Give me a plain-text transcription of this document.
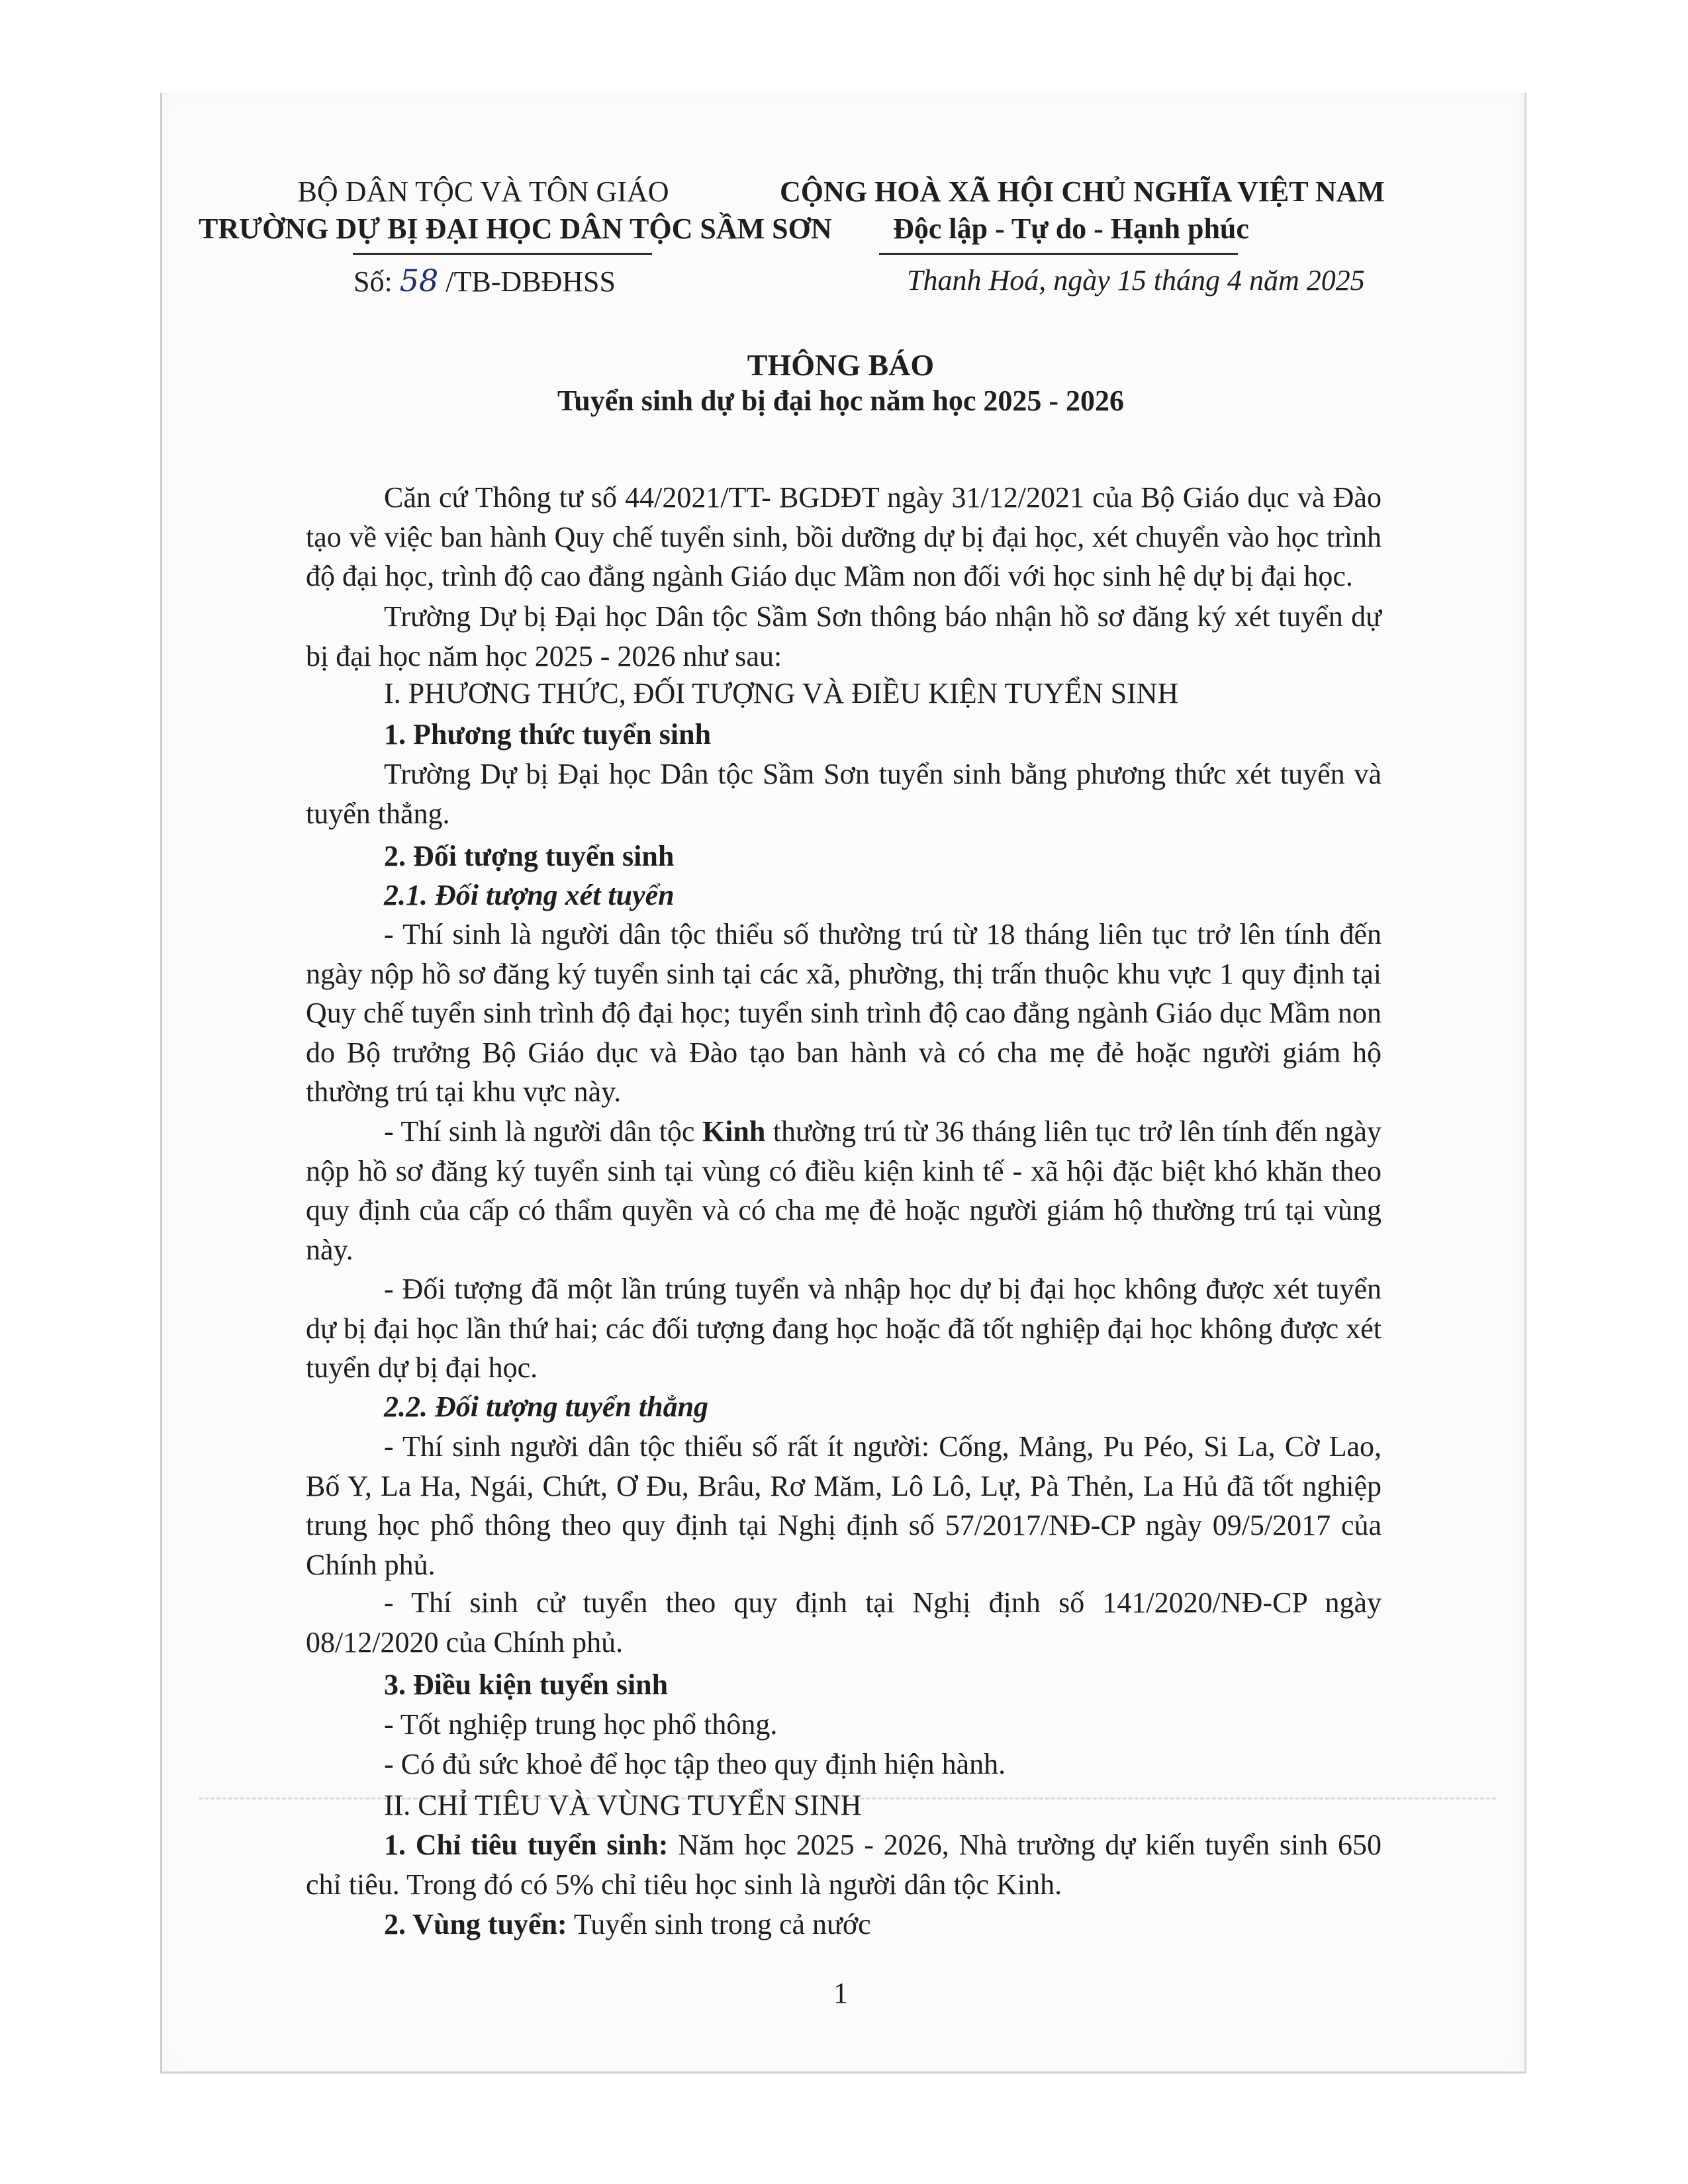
BỘ DÂN TỘC VÀ TÔN GIÁO
TRƯỜNG DỰ BỊ ĐẠI HỌC DÂN TỘC SẦM SƠN
Số: 58 /TB-DBĐHSS
CỘNG HOÀ XÃ HỘI CHỦ NGHĨA VIỆT NAM
Độc lập - Tự do - Hạnh phúc
Thanh Hoá, ngày 15 tháng 4 năm 2025
THÔNG BÁO
Tuyển sinh dự bị đại học năm học 2025 - 2026
Căn cứ Thông tư số 44/2021/TT- BGDĐT ngày 31/12/2021 của Bộ Giáo dục và Đào tạo về việc ban hành Quy chế tuyển sinh, bồi dưỡng dự bị đại học, xét chuyển vào học trình độ đại học, trình độ cao đẳng ngành Giáo dục Mầm non đối với học sinh hệ dự bị đại học.
Trường Dự bị Đại học Dân tộc Sầm Sơn thông báo nhận hồ sơ đăng ký xét tuyển dự bị đại học năm học 2025 - 2026 như sau:
I. PHƯƠNG THỨC, ĐỐI TƯỢNG VÀ ĐIỀU KIỆN TUYỂN SINH
1. Phương thức tuyển sinh
Trường Dự bị Đại học Dân tộc Sầm Sơn tuyển sinh bằng phương thức xét tuyển và tuyển thẳng.
2. Đối tượng tuyển sinh
2.1. Đối tượng xét tuyển
- Thí sinh là người dân tộc thiểu số thường trú từ 18 tháng liên tục trở lên tính đến ngày nộp hồ sơ đăng ký tuyển sinh tại các xã, phường, thị trấn thuộc khu vực 1 quy định tại Quy chế tuyển sinh trình độ đại học; tuyển sinh trình độ cao đẳng ngành Giáo dục Mầm non do Bộ trưởng Bộ Giáo dục và Đào tạo ban hành và có cha mẹ đẻ hoặc người giám hộ thường trú tại khu vực này.
- Thí sinh là người dân tộc Kinh thường trú từ 36 tháng liên tục trở lên tính đến ngày nộp hồ sơ đăng ký tuyển sinh tại vùng có điều kiện kinh tế - xã hội đặc biệt khó khăn theo quy định của cấp có thẩm quyền và có cha mẹ đẻ hoặc người giám hộ thường trú tại vùng này.
- Đối tượng đã một lần trúng tuyển và nhập học dự bị đại học không được xét tuyển dự bị đại học lần thứ hai; các đối tượng đang học hoặc đã tốt nghiệp đại học không được xét tuyển dự bị đại học.
2.2. Đối tượng tuyển thẳng
- Thí sinh người dân tộc thiểu số rất ít người: Cống, Mảng, Pu Péo, Si La, Cờ Lao, Bố Y, La Ha, Ngái, Chứt, Ơ Đu, Brâu, Rơ Măm, Lô Lô, Lự, Pà Thẻn, La Hủ đã tốt nghiệp trung học phổ thông theo quy định tại Nghị định số 57/2017/NĐ-CP ngày 09/5/2017 của Chính phủ.
- Thí sinh cử tuyển theo quy định tại Nghị định số 141/2020/NĐ-CP ngày 08/12/2020 của Chính phủ.
3. Điều kiện tuyển sinh
- Tốt nghiệp trung học phổ thông.
- Có đủ sức khoẻ để học tập theo quy định hiện hành.
II. CHỈ TIÊU VÀ VÙNG TUYỂN SINH
1. Chỉ tiêu tuyển sinh: Năm học 2025 - 2026, Nhà trường dự kiến tuyển sinh 650 chỉ tiêu. Trong đó có 5% chỉ tiêu học sinh là người dân tộc Kinh.
2. Vùng tuyển: Tuyển sinh trong cả nước
1
